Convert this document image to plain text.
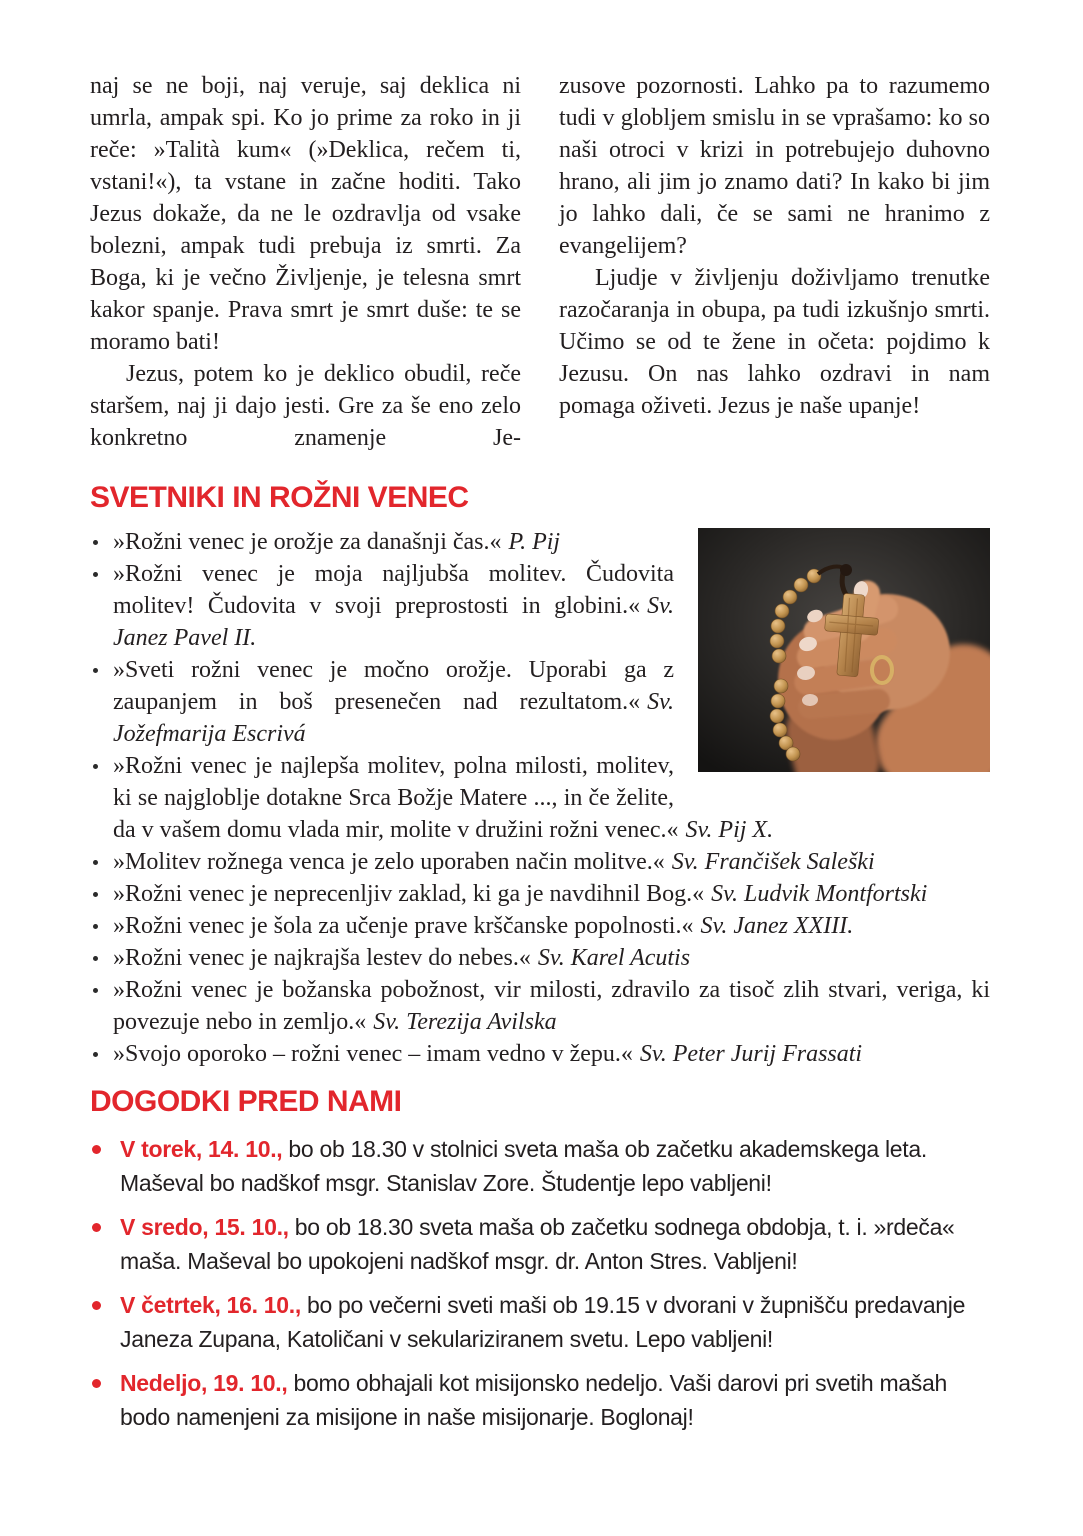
naj se ne boji, naj veruje, saj deklica ni umrla, ampak spi. Ko jo prime za roko in ji reče: »Talità kum« (»Deklica, rečem ti, vstani!«), ta vstane in začne hoditi. Tako Jezus dokaže, da ne le ozdravlja od vsake bolezni, ampak tudi prebuja iz smrti. Za Boga, ki je večno Življenje, je telesna smrt kakor spanje. Prava smrt je smrt duše: te se moramo bati!

Jezus, potem ko je deklico obudil, reče staršem, naj ji dajo jesti. Gre za še eno zelo konkretno znamenje Je-

zusove pozornosti. Lahko pa to razumemo tudi v globljem smislu in se vprašamo: ko so naši otroci v krizi in potrebujejo duhovno hrano, ali jim jo znamo dati? In kako bi jim jo lahko dali, če se sami ne hranimo z evangelijem?

Ljudje v življenju doživljamo trenutke razočaranja in obupa, pa tudi izkušnjo smrti. Učimo se od te žene in očeta: pojdimo k Jezusu. On nas lahko ozdravi in nam pomaga oživeti. Jezus je naše upanje!

SVETNIKI IN ROŽNI VENEC
»Rožni venec je orožje za današnji čas.« P. Pij
»Rožni venec je moja najljubša molitev. Čudovita molitev! Čudovita v svoji preprostosti in globini.« Sv. Janez Pavel II.
»Sveti rožni venec je močno orožje. Uporabi ga z zaupanjem in boš presenečen nad rezultatom.« Sv. Jožefmarija Escrivá
»Rožni venec je najlepša molitev, polna milosti, molitev, ki se najgloblje dotakne Srca Božje Matere ..., in če želite, da v vašem domu vlada mir, molite v družini rožni venec.« Sv. Pij X.
»Molitev rožnega venca je zelo uporaben način molitve.« Sv. Frančišek Saleški
»Rožni venec je neprecenljiv zaklad, ki ga je navdihnil Bog.« Sv. Ludvik Montfortski
»Rožni venec je šola za učenje prave krščanske popolnosti.« Sv. Janez XXIII.
»Rožni venec je najkrajša lestev do nebes.« Sv. Karel Acutis
»Rožni venec je božanska pobožnost, vir milosti, zdravilo za tisoč zlih stvari, veriga, ki povezuje nebo in zemljo.« Sv. Terezija Avilska
»Svojo oporoko – rožni venec – imam vedno v žepu.« Sv. Peter Jurij Frassati
DOGODKI PRED NAMI
V torek, 14. 10., bo ob 18.30 v stolnici sveta maša ob začetku akademskega leta. Maševal bo nadškof msgr. Stanislav Zore. Študentje lepo vabljeni!
V sredo, 15. 10., bo ob 18.30 sveta maša ob začetku sodnega obdobja, t. i. »rdeča« maša. Maševal bo upokojeni nadškof msgr. dr. Anton Stres. Vabljeni!
V četrtek, 16. 10., bo po večerni sveti maši ob 19.15 v dvorani v župnišču predavanje Janeza Zupana, Katoličani v sekulariziranem svetu. Lepo vabljeni!
Nedeljo, 19. 10., bomo obhajali kot misijonsko nedeljo. Vaši darovi pri svetih mašah bodo namenjeni za misijone in naše misijonarje. Boglonaj!
